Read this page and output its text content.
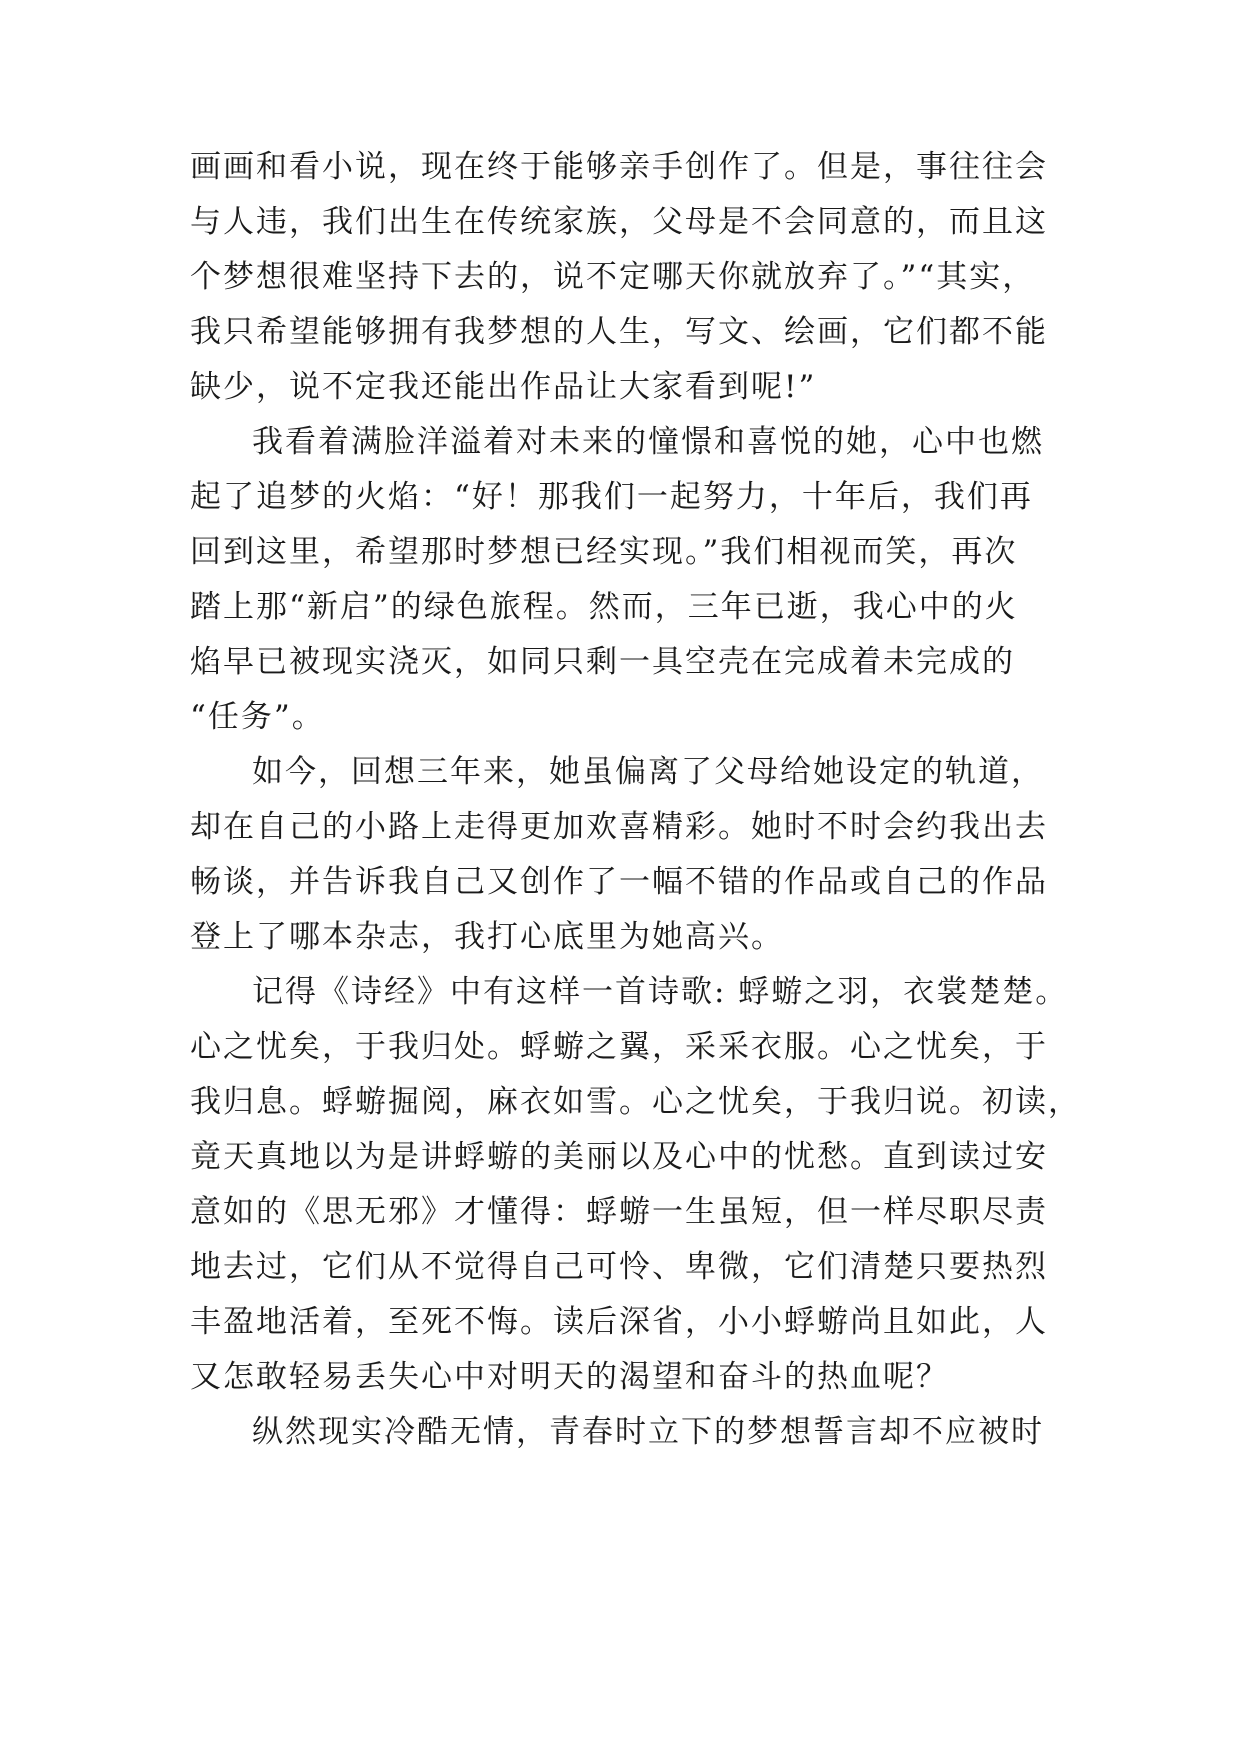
画画和看小说，现在终于能够亲手创作了。但是，事往往会
与人违，我们出生在传统家族，父母是不会同意的，而且这
个梦想很难坚持下去的，说不定哪天你就放弃了。”“其实，
我只希望能够拥有我梦想的人生，写文、绘画，它们都不能
缺少，说不定我还能出作品让大家看到呢!”
我看着满脸洋溢着对未来的憧憬和喜悦的她，心中也燃
起了追梦的火焰：“好！那我们一起努力，十年后，我们再
回到这里，希望那时梦想已经实现。”我们相视而笑，再次
踏上那“新启”的绿色旅程。然而，三年已逝，我心中的火
焰早已被现实浇灭，如同只剩一具空壳在完成着未完成的
“任务”。
如今，回想三年来，她虽偏离了父母给她设定的轨道，
却在自己的小路上走得更加欢喜精彩。她时不时会约我出去
畅谈，并告诉我自己又创作了一幅不错的作品或自己的作品
登上了哪本杂志，我打心底里为她高兴。
记得《诗经》中有这样一首诗歌: 蜉蝣之羽，衣裳楚楚。
心之忧矣，于我归处。蜉蝣之翼，采采衣服。心之忧矣，于
我归息。蜉蝣掘阅，麻衣如雪。心之忧矣，于我归说。初读，
竟天真地以为是讲蜉蝣的美丽以及心中的忧愁。直到读过安
意如的《思无邪》才懂得：蜉蝣一生虽短，但一样尽职尽责
地去过，它们从不觉得自己可怜、卑微，它们清楚只要热烈
丰盈地活着，至死不悔。读后深省，小小蜉蝣尚且如此，人
又怎敢轻易丢失心中对明天的渴望和奋斗的热血呢？
纵然现实冷酷无情，青春时立下的梦想誓言却不应被时
